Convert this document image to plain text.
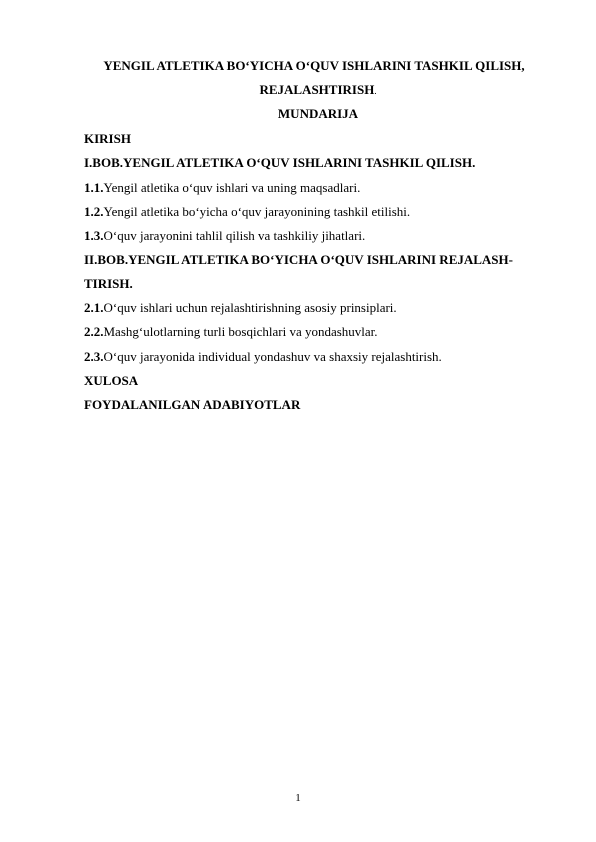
YENGIL ATLETIKA BO‘YICHA O‘QUV ISHLARINI TASHKIL QILISH,
REJALASHTIRISH.
MUNDARIJA
KIRISH
I.BOB.YENGIL ATLETIKA O‘QUV ISHLARINI TASHKIL QILISH.
1.1.Yengil atletika o‘quv ishlari va uning maqsadlari.
1.2.Yengil atletika bo‘yicha o‘quv jarayonining tashkil etilishi.
1.3.O‘quv jarayonini tahlil qilish va tashkiliy jihatlari.
II.BOB.YENGIL ATLETIKA BO‘YICHA O‘QUV ISHLARINI REJALASH-
TIRISH.
2.1.O‘quv ishlari uchun rejalashtirishning asosiy prinsiplari.
2.2.Mashg‘ulotlarning turli bosqichlari va yondashuvlar.
2.3.O‘quv jarayonida individual yondashuv va shaxsiy rejalashtirish.
XULOSA
FOYDALANILGAN ADABIYOTLAR
1
